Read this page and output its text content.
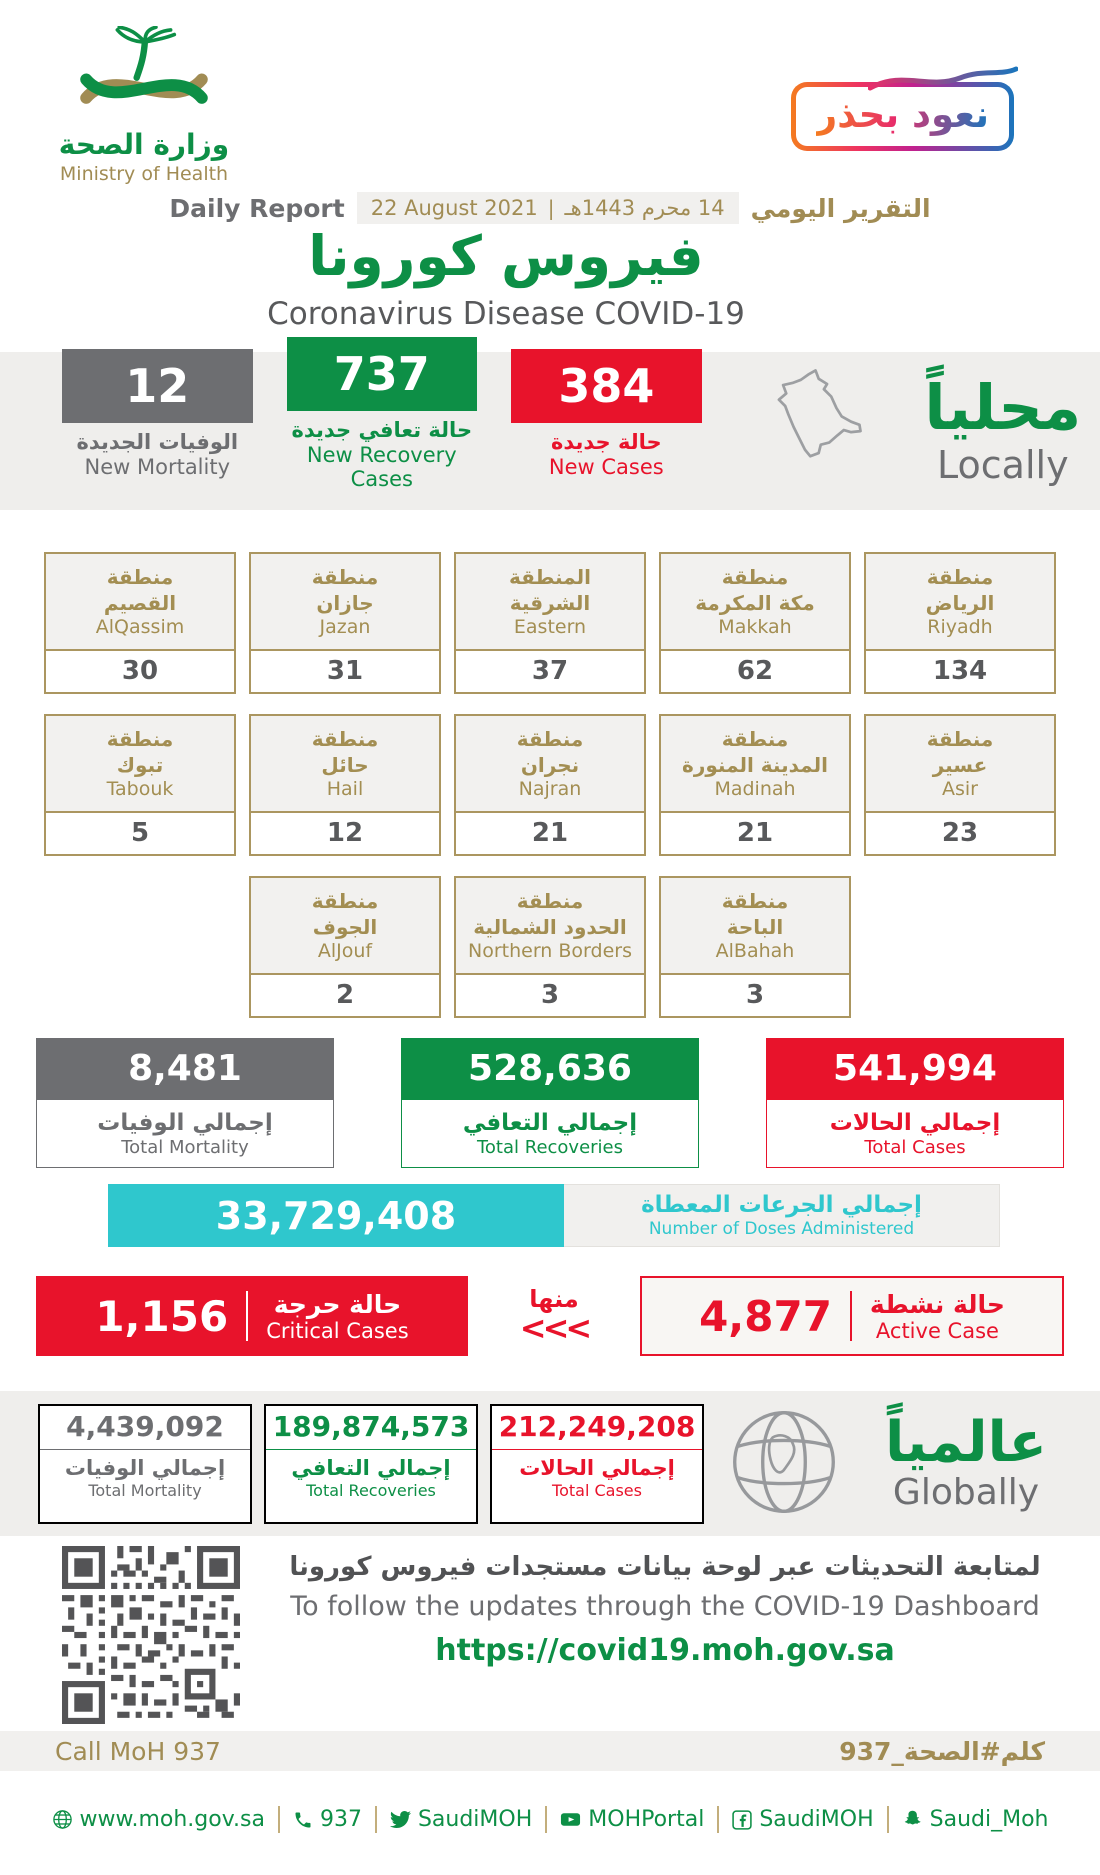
وزارة الصحة
Ministry of Health
نعود بحذر
Daily Report 22 August 2021 | 14 محرم 1443هـ التقرير اليومي
فيروس كورونا
Coronavirus Disease COVID-19
12
الوفيات الجديدة
New Mortality
737
حالة تعافي جديدة
New Recovery Cases
384
حالة جديدة
New Cases
محلياً
Locally
منطقة
القصيم
AlQassim
30
منطقة
جازان
Jazan
31
المنطقة
الشرقية
Eastern
37
منطقة
مكة المكرمة
Makkah
62
منطقة
الرياض
Riyadh
134
منطقة
تبوك
Tabouk
5
منطقة
حائل
Hail
12
منطقة
نجران
Najran
21
منطقة
المدينة المنورة
Madinah
21
منطقة
عسير
Asir
23
منطقة
الجوف
AlJouf
2
منطقة
الحدود الشمالية
Northern Borders
3
منطقة
الباحة
AlBahah
3
8,481
إجمالي الوفيات
Total Mortality
528,636
إجمالي التعافي
Total Recoveries
541,994
إجمالي الحالات
Total Cases
33,729,408	إجمالي الجرعات المعطاة
Number of Doses Administered
1,156	حالة حرجة
Critical Cases
منها
<<<	4,877 حالة نشطة
Active Case
4,439,092
إجمالي الوفيات
Total Mortality
189,874,573
إجمالي التعافي
Total Recoveries
212,249,208
إجمالي الحالات
Total Cases
عالمياً
Globally
لمتابعة التحديثات عبر لوحة بيانات مستجدات فيروس كورونا
To follow the updates through the COVID-19 Dashboard
https://covid19.moh.gov.sa
Call MoH 937	كلم#الصحة_937
www.moh.gov.sa	937	SaudiMOH	MOHPortal	SaudiMOH	Saudi_Moh
